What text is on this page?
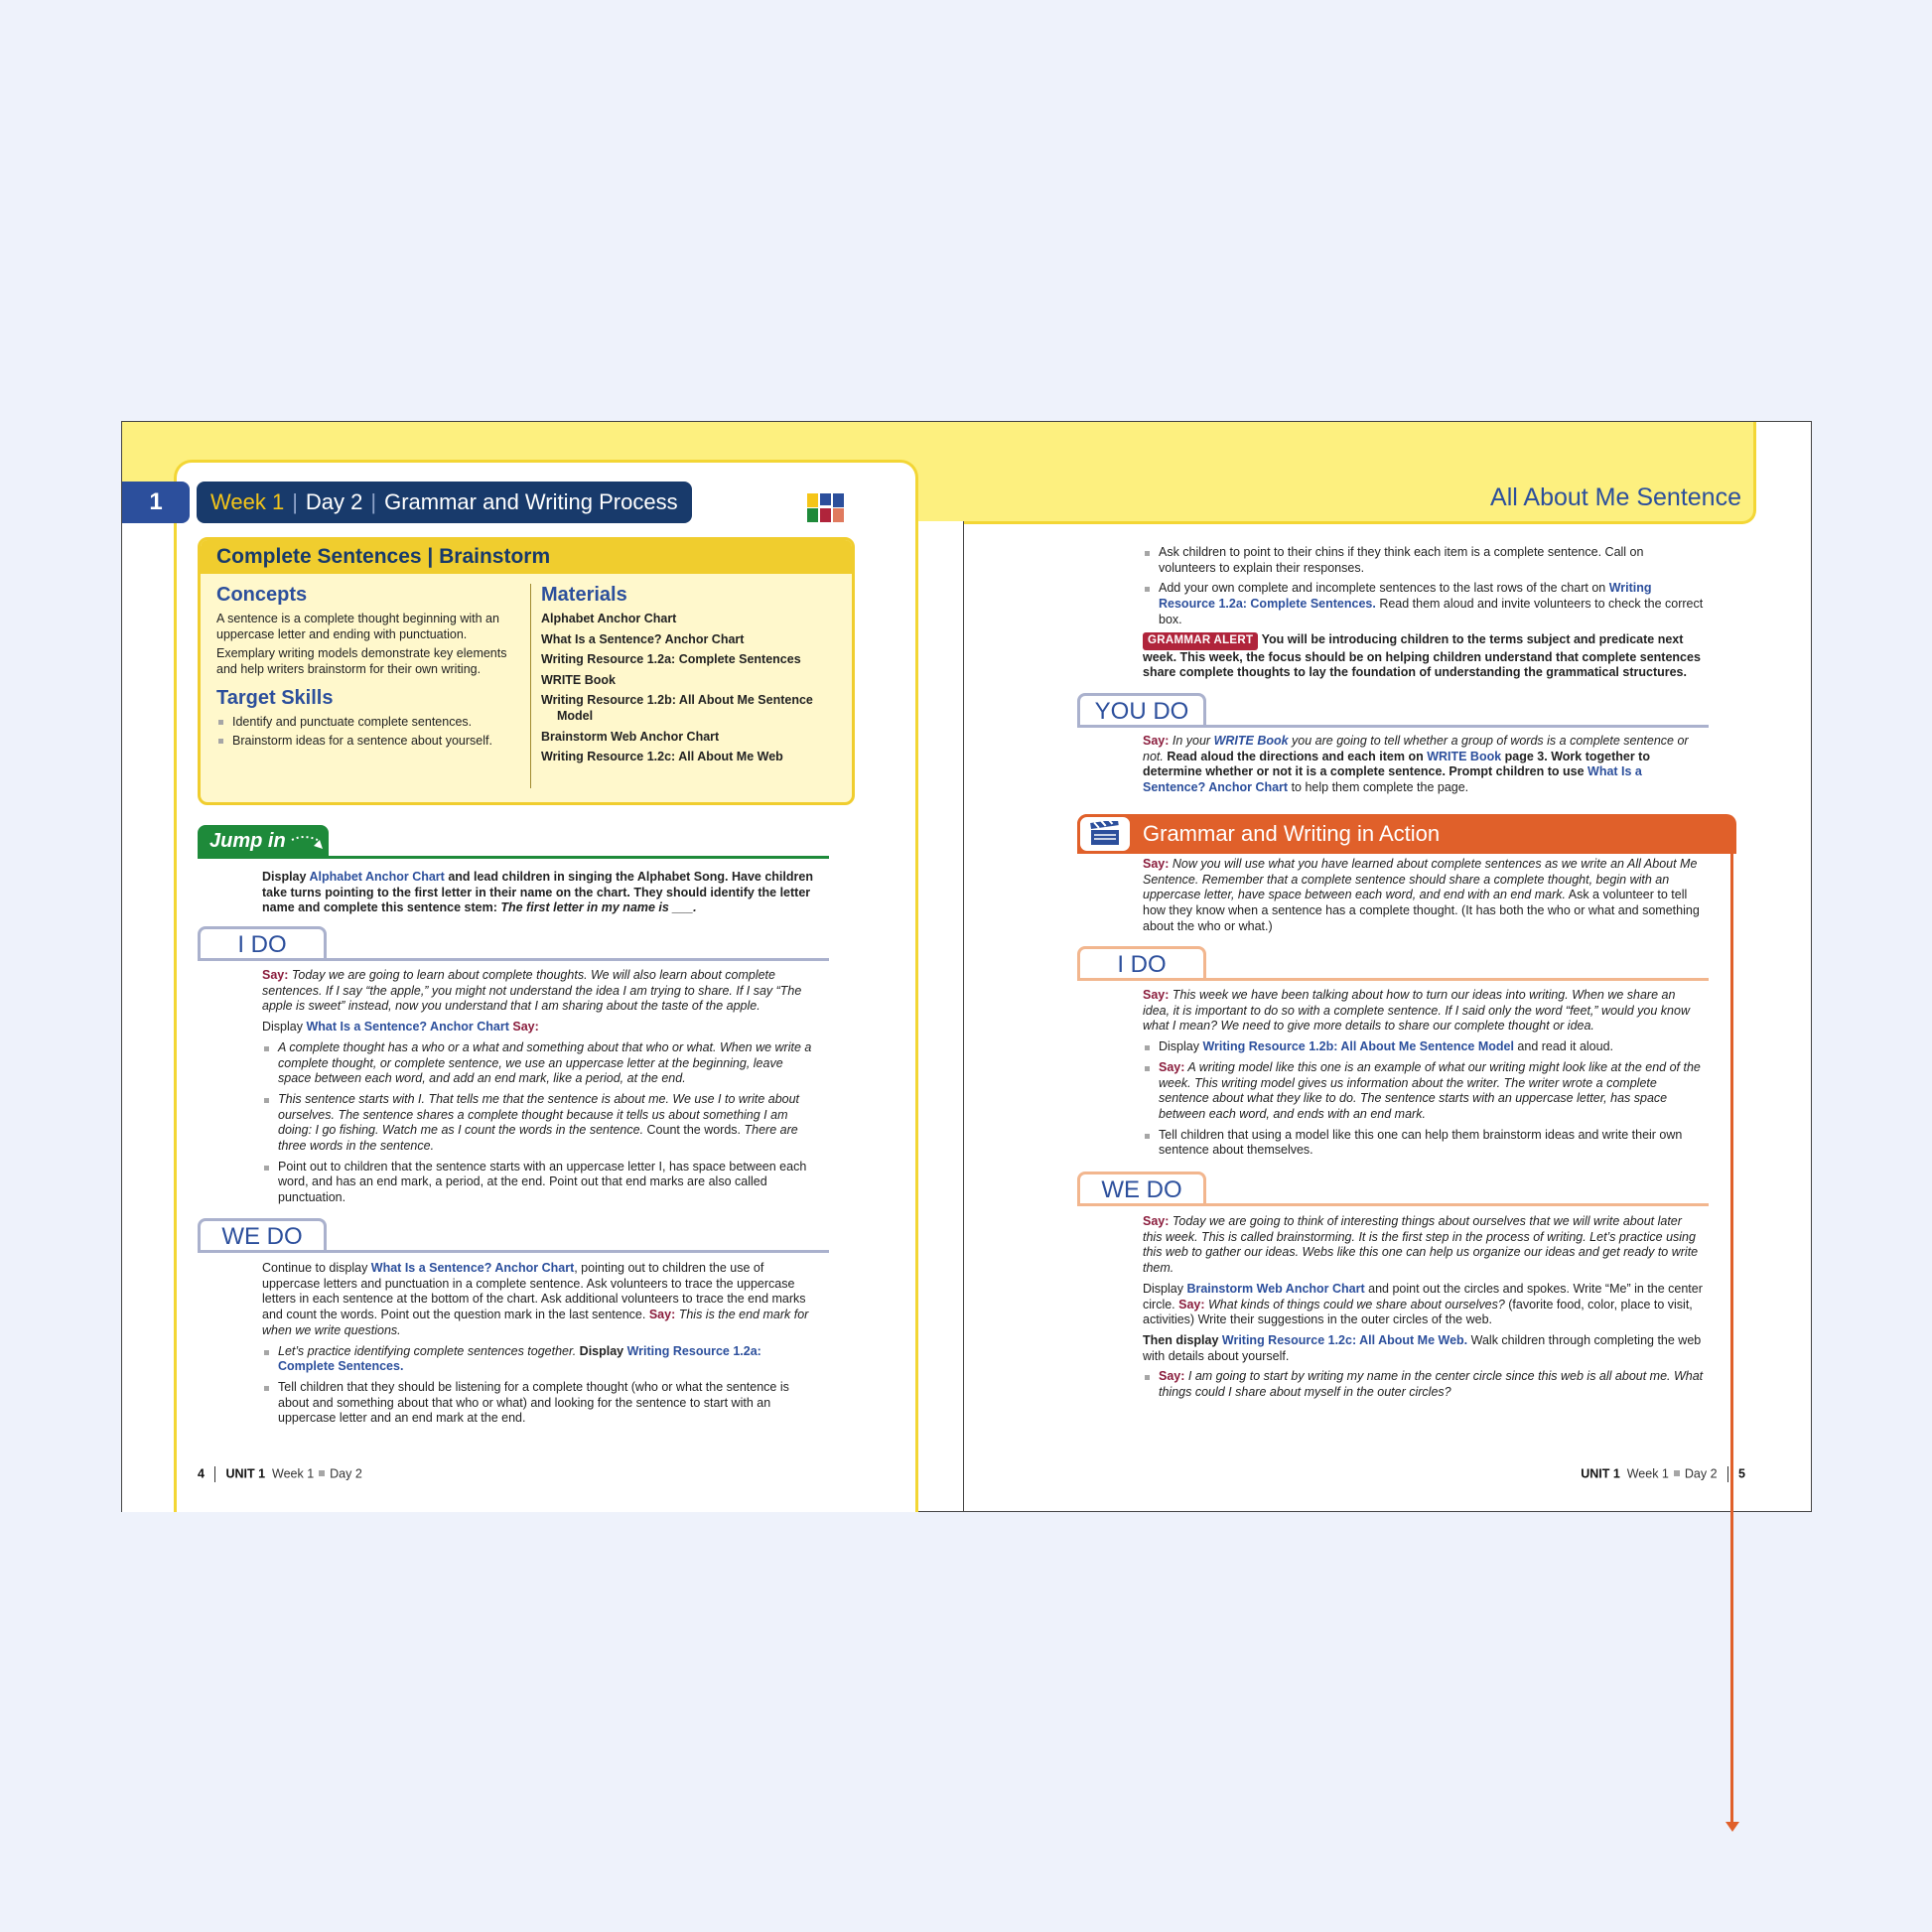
1	Week 1 | Day 2 | Grammar and Writing Process
Complete Sentences | Brainstorm
Concepts

A sentence is a complete thought beginning with an uppercase letter and ending with punctuation.

Exemplary writing models demonstrate key elements and help writers brainstorm for their own writing.

Target Skills
Identify and punctuate complete sentences.
Brainstorm ideas for a sentence about yourself.
Materials
Alphabet Anchor Chart
What Is a Sentence? Anchor Chart
Writing Resource 1.2a: Complete Sentences
WRITE Book
Writing Resource 1.2b: All About Me Sentence Model
Brainstorm Web Anchor Chart
Writing Resource 1.2c: All About Me Web
Jump in
Display Alphabet Anchor Chart and lead children in singing the Alphabet Song. Have children take turns pointing to the first letter in their name on the chart. They should identify the letter name and complete this sentence stem: The first letter in my name is ___.
I DO

Say: Today we are going to learn about complete thoughts. We will also learn about complete sentences. If I say “the apple,” you might not understand the idea I am trying to share. If I say “The apple is sweet” instead, now you understand that I am sharing about the taste of the apple.

Display What Is a Sentence? Anchor Chart Say:

A complete thought has a who or a what and something about that who or what. When we write a complete thought, or complete sentence, we use an uppercase letter at the beginning, leave space between each word, and add an end mark, like a period, at the end.
This sentence starts with I. That tells me that the sentence is about me. We use I to write about ourselves. The sentence shares a complete thought because it tells us about something I am doing: I go fishing. Watch me as I count the words in the sentence. Count the words. There are three words in the sentence.
Point out to children that the sentence starts with an uppercase letter I, has space between each word, and has an end mark, a period, at the end. Point out that end marks are also called punctuation.
WE DO

Continue to display What Is a Sentence? Anchor Chart, pointing out to children the use of uppercase letters and punctuation in a complete sentence. Ask volunteers to trace the uppercase letters in each sentence at the bottom of the chart. Ask additional volunteers to trace the end marks and count the words. Point out the question mark in the last sentence. Say: This is the end mark for when we write questions.

Let’s practice identifying complete sentences together. Display Writing Resource 1.2a: Complete Sentences.
Tell children that they should be listening for a complete thought (who or what the sentence is about and something about that who or what) and looking for the sentence to start with an uppercase letter and an end mark at the end.
4 UNIT 1 Week 1 Day 2
All About Me Sentence
Ask children to point to their chins if they think each item is a complete sentence. Call on volunteers to explain their responses.
Add your own complete and incomplete sentences to the last rows of the chart on Writing Resource 1.2a: Complete Sentences. Read them aloud and invite volunteers to check the correct box.
GRAMMAR ALERT You will be introducing children to the terms subject and predicate next week. This week, the focus should be on helping children understand that complete sentences share complete thoughts to lay the foundation of understanding the grammatical structures.
YOU DO

Say: In your WRITE Book you are going to tell whether a group of words is a complete sentence or not. Read aloud the directions and each item on WRITE Book page 3. Work together to determine whether or not it is a complete sentence. Prompt children to use What Is a Sentence? Anchor Chart to help them complete the page.

Grammar and Writing in Action

Say: Now you will use what you have learned about complete sentences as we write an All About Me Sentence. Remember that a complete sentence should share a complete thought, begin with an uppercase letter, have space between each word, and end with an end mark. Ask a volunteer to tell how they know when a sentence has a complete thought. (It has both the who or what and something about the who or what.)

I DO

Say: This week we have been talking about how to turn our ideas into writing. When we share an idea, it is important to do so with a complete sentence. If I said only the word “feet,” would you know what I mean? We need to give more details to share our complete thought or idea.

Display Writing Resource 1.2b: All About Me Sentence Model and read it aloud.
Say: A writing model like this one is an example of what our writing might look like at the end of the week. This writing model gives us information about the writer. The writer wrote a complete sentence about what they like to do. The sentence starts with an uppercase letter, has space between each word, and ends with an end mark.
Tell children that using a model like this one can help them brainstorm ideas and write their own sentence about themselves.
WE DO

Say: Today we are going to think of interesting things about ourselves that we will write about later this week. This is called brainstorming. It is the first step in the process of writing. Let’s practice using this web to gather our ideas. Webs like this one can help us organize our ideas and get ready to write them.

Display Brainstorm Web Anchor Chart and point out the circles and spokes. Write “Me” in the center circle. Say: What kinds of things could we share about ourselves? (favorite food, color, place to visit, activities) Write their suggestions in the outer circles of the web.

Then display Writing Resource 1.2c: All About Me Web. Walk children through completing the web with details about yourself.

Say: I am going to start by writing my name in the center circle since this web is all about me. What things could I share about myself in the outer circles?
UNIT 1 Week 1 Day 2 5
